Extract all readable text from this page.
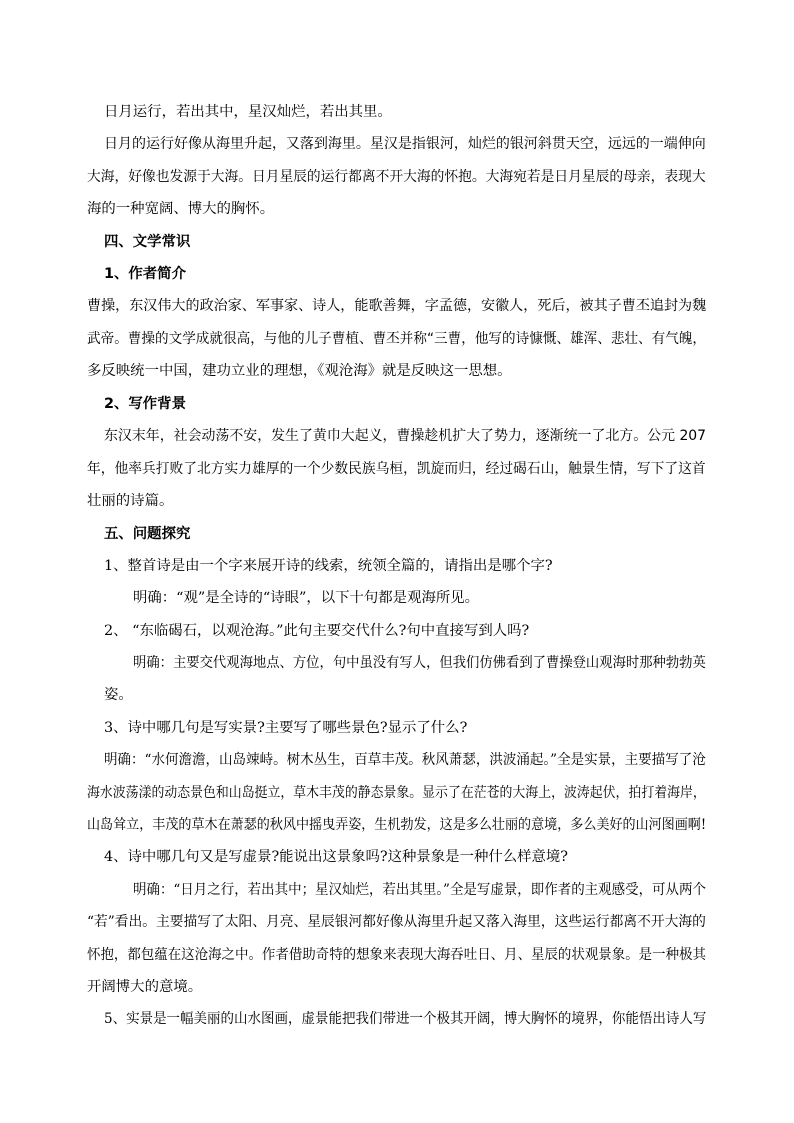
日月运行，若出其中，星汉灿烂，若出其里。
日月的运行好像从海里升起，又落到海里。星汉是指银河，灿烂的银河斜贯天空，远远的一端伸向
大海，好像也发源于大海。日月星辰的运行都离不开大海的怀抱。大海宛若是日月星辰的母亲，表现大
海的一种宽阔、博大的胸怀。
四、文学常识
1、作者简介
曹操，东汉伟大的政治家、军事家、诗人，能歌善舞，字孟德，安徽人，死后，被其子曹丕追封为魏
武帝。曹操的文学成就很高，与他的儿子曹植、曹丕并称“三曹，他写的诗慷慨、雄浑、悲壮、有气魄，
多反映统一中国，建功立业的理想，《观沧海》就是反映这一思想。
2、写作背景
东汉末年，社会动荡不安，发生了黄巾大起义，曹操趁机扩大了势力，逐渐统一了北方。公元 207
年，他率兵打败了北方实力雄厚的一个少数民族乌桓，凯旋而归，经过碣石山，触景生情，写下了这首
壮丽的诗篇。
五、问题探究
1、整首诗是由一个字来展开诗的线索，统领全篇的，请指出是哪个字?
明确：“观”是全诗的“诗眼”，以下十句都是观海所见。
2、 “东临碣石，以观沧海。”此句主要交代什么?句中直接写到人吗?
明确：主要交代观海地点、方位，句中虽没有写人，但我们仿佛看到了曹操登山观海时那种勃勃英
姿。
3、诗中哪几句是写实景?主要写了哪些景色?显示了什么?
明确：“水何澹澹，山岛竦峙。树木丛生，百草丰茂。秋风萧瑟，洪波涌起。”全是实景，主要描写了沧
海水波荡漾的动态景色和山岛挺立，草木丰茂的静态景象。显示了在茫苍的大海上，波涛起伏，拍打着海岸，
山岛耸立，丰茂的草木在萧瑟的秋风中摇曳弄姿，生机勃发，这是多么壮丽的意境，多么美好的山河图画啊!
4、诗中哪几句又是写虚景?能说出这景象吗?这种景象是一种什么样意境?
明确：“日月之行，若出其中；星汉灿烂，若出其里。”全是写虚景，即作者的主观感受，可从两个
“若”看出。主要描写了太阳、月亮、星辰银河都好像从海里升起又落入海里，这些运行都离不开大海的
怀抱，都包蕴在这沧海之中。作者借助奇特的想象来表现大海吞吐日、月、星辰的状观景象。是一种极其
开阔博大的意境。
5、实景是一幅美丽的山水图画，虚景能把我们带进一个极其开阔，博大胸怀的境界，你能悟出诗人写
